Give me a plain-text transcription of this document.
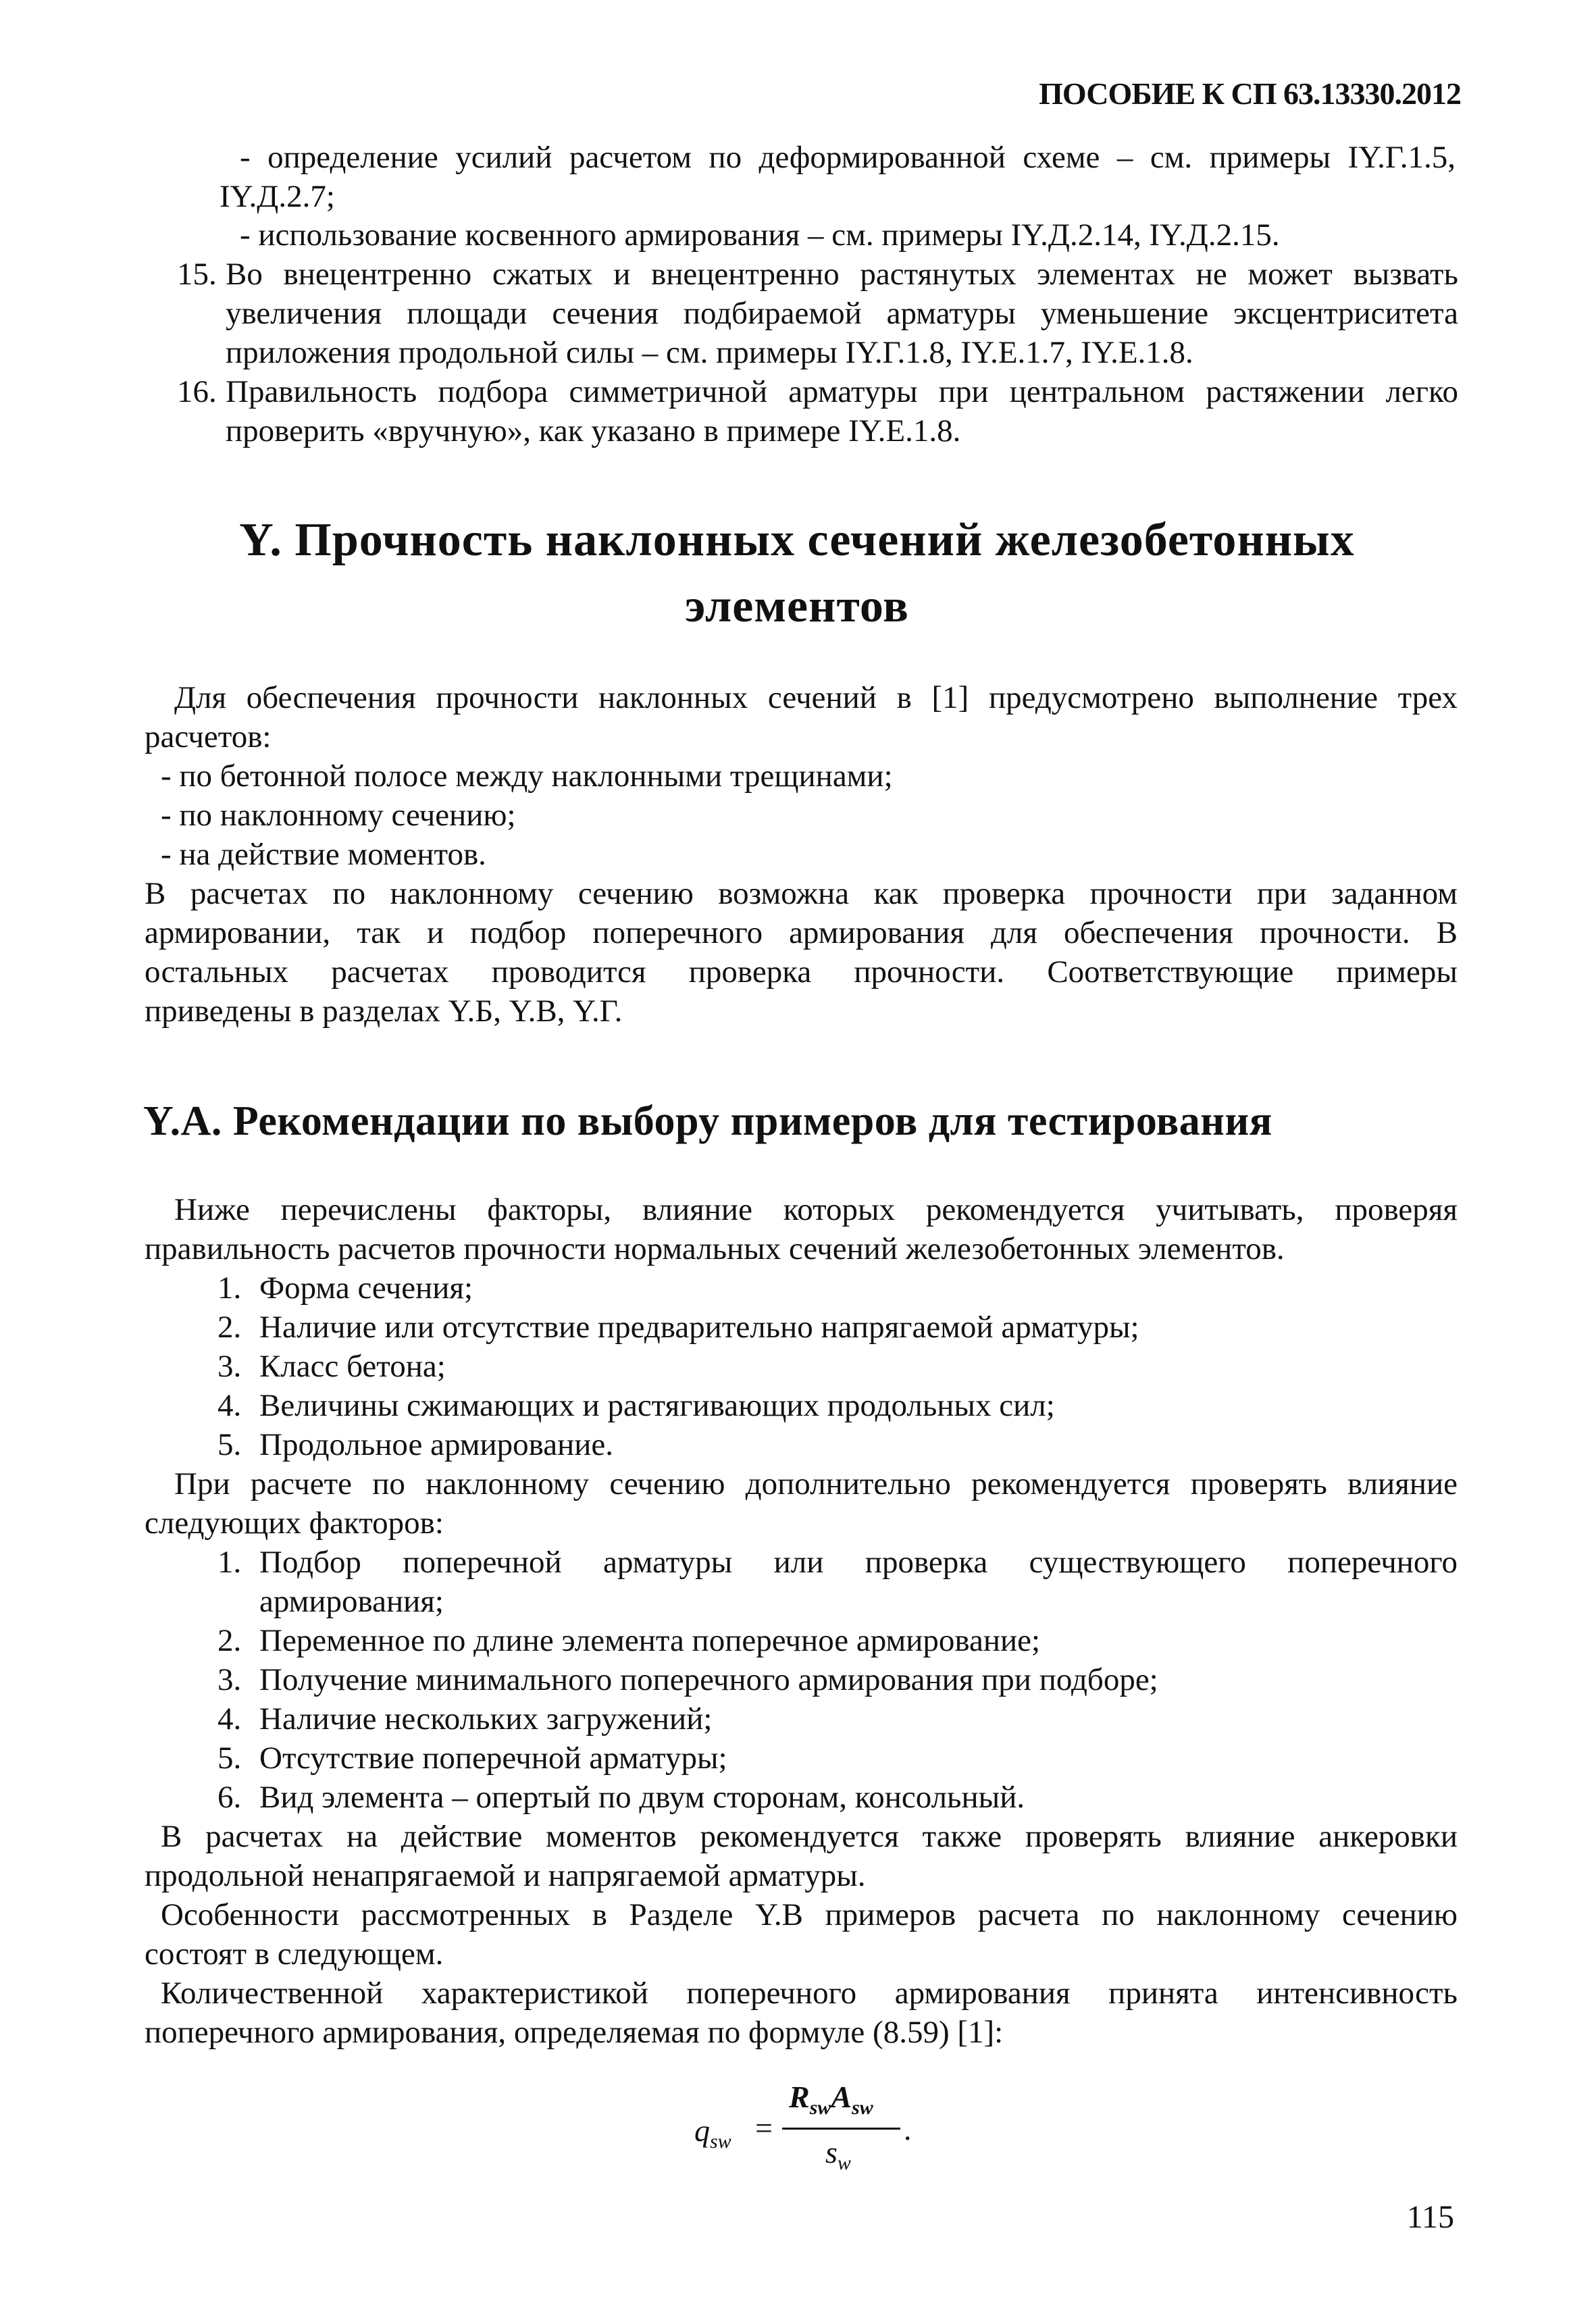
ПОСОБИЕ К СП 63.13330.2012
- определение усилий расчетом по деформированной схеме – см. примеры IY.Г.1.5,
IY.Д.2.7;
- использование косвенного армирования – см. примеры IY.Д.2.14, IY.Д.2.15.
15. Во внецентренно сжатых и внецентренно растянутых элементах не может вызвать
увеличения площади сечения подбираемой арматуры уменьшение эксцентриситета
приложения продольной силы – см. примеры IY.Г.1.8, IY.Е.1.7, IY.Е.1.8.
16. Правильность подбора симметричной арматуры при центральном растяжении легко
проверить «вручную», как указано в примере IY.Е.1.8.
Y. Прочность наклонных сечений железобетонных
элементов
Для обеспечения прочности наклонных сечений в [1] предусмотрено выполнение трех
расчетов:
- по бетонной полосе между наклонными трещинами;
- по наклонному сечению;
- на действие моментов.
В расчетах по наклонному сечению возможна как проверка прочности при заданном
армировании, так и подбор поперечного армирования для обеспечения прочности. В
остальных расчетах проводится проверка прочности. Соответствующие примеры
приведены в разделах Y.Б, Y.В, Y.Г.
Y.А. Рекомендации по выбору примеров для тестирования
Ниже перечислены факторы, влияние которых рекомендуется учитывать, проверяя
правильность расчетов прочности нормальных сечений железобетонных элементов.
1. Форма сечения;
2. Наличие или отсутствие предварительно напрягаемой арматуры;
3. Класс бетона;
4. Величины сжимающих и растягивающих продольных сил;
5. Продольное армирование.
При расчете по наклонному сечению дополнительно рекомендуется проверять влияние
следующих факторов:
1. Подбор поперечной арматуры или проверка существующего поперечного
армирования;
2. Переменное по длине элемента поперечное армирование;
3. Получение минимального поперечного армирования при подборе;
4. Наличие нескольких загружений;
5. Отсутствие поперечной арматуры;
6. Вид элемента – опертый по двум сторонам, консольный.
В расчетах на действие моментов рекомендуется также проверять влияние анкеровки
продольной ненапрягаемой и напрягаемой арматуры.
Особенности рассмотренных в Разделе Y.В примеров расчета по наклонному сечению
состоят в следующем.
Количественной характеристикой поперечного армирования принята интенсивность
поперечного армирования, определяемая по формуле (8.59) [1]:
$q_{sw}$ =
$R_{sw}A_{sw}$
$s_w$
.
115
